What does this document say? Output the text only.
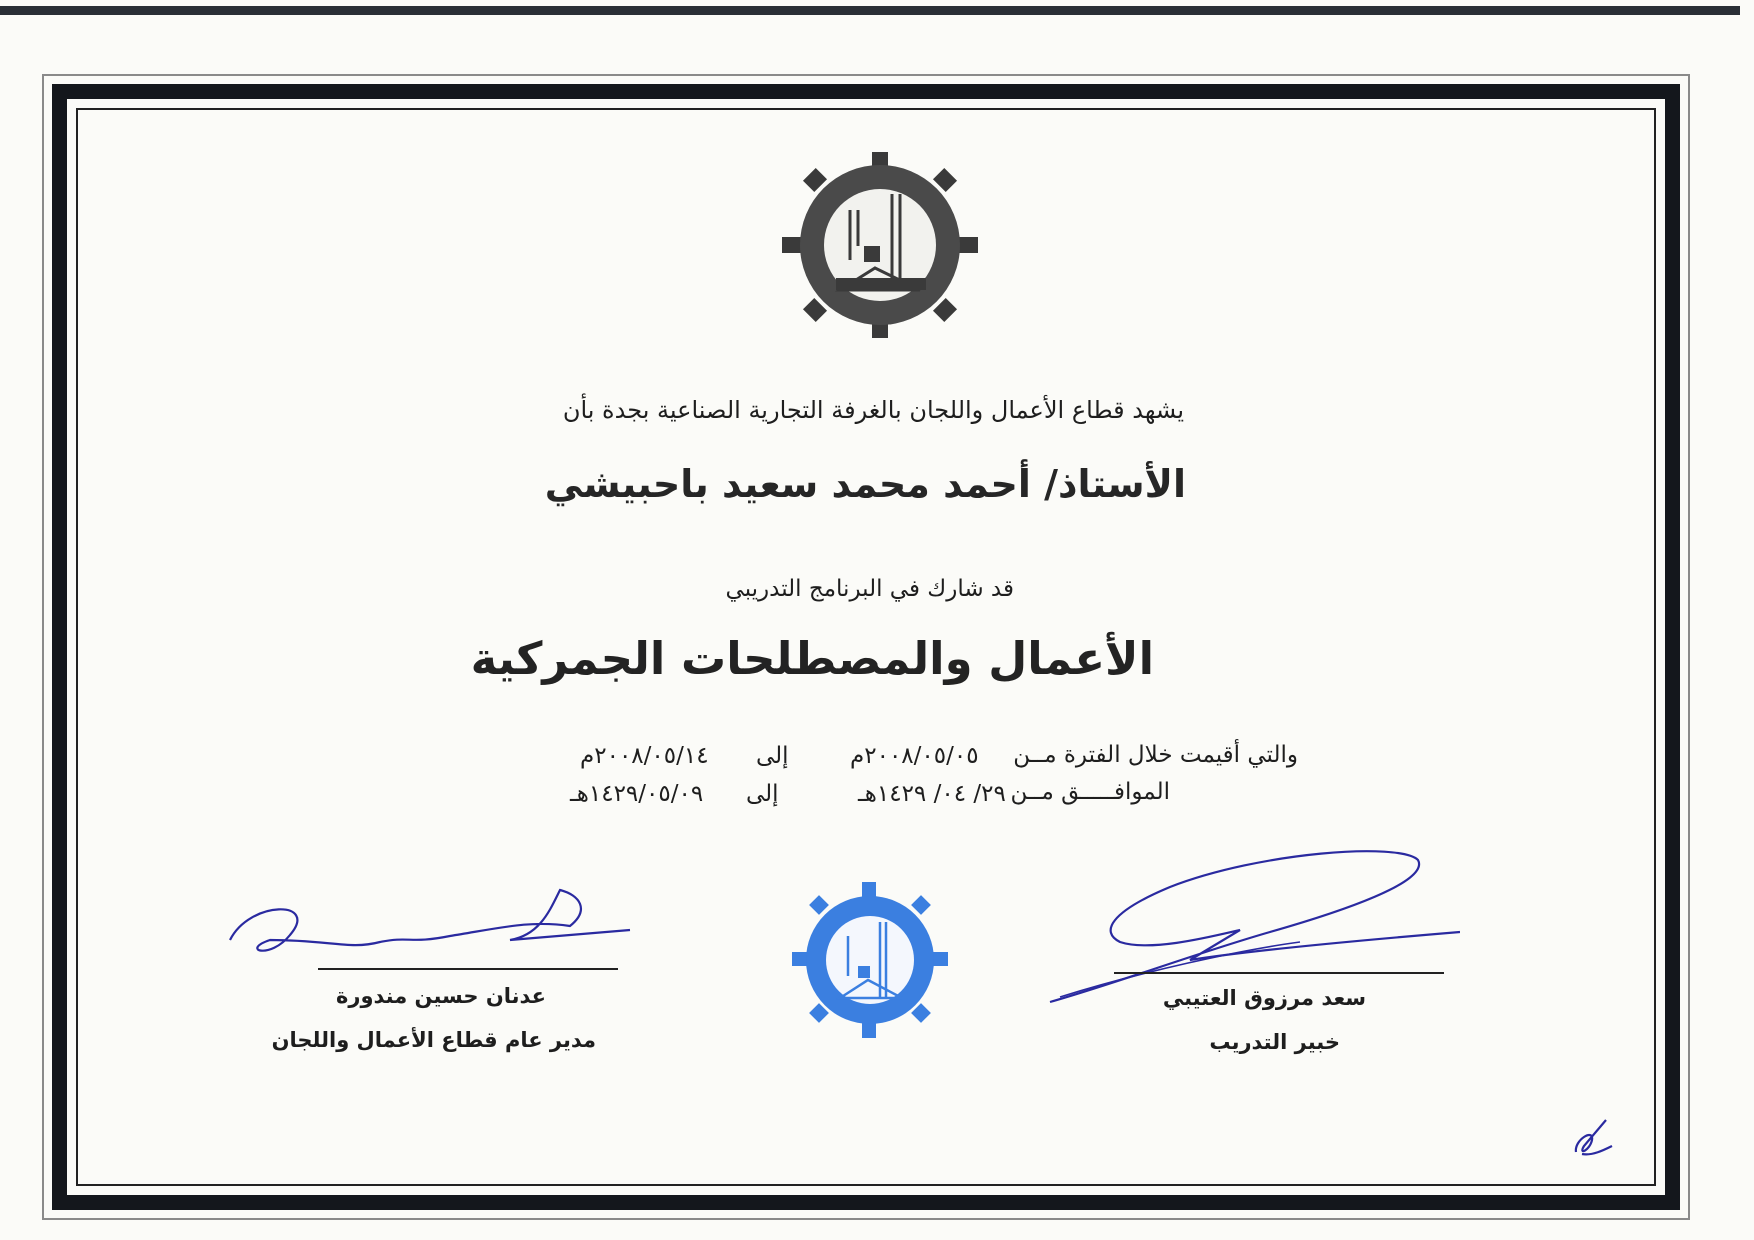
يشهد قطاع الأعمال واللجان بالغرفة التجارية الصناعية بجدة بأن
الأستاذ/ أحمد محمد سعيد باحبيشي
قد شارك في البرنامج التدريبي
الأعمال والمصطلحات الجمركية
والتي أقيمت خلال الفترة مــن
٢٠٠٨/٠٥/٠٥م
إلى
٢٠٠٨/٠٥/١٤م
الموافـــــق مــن
٢٩/ ٠٤/ ١٤٢٩هـ
إلى
١٤٢٩/٠٥/٠٩هـ
عدنان حسين مندورة
مدير عام قطاع الأعمال واللجان
سعد مرزوق العتيبي
خبير التدريب
